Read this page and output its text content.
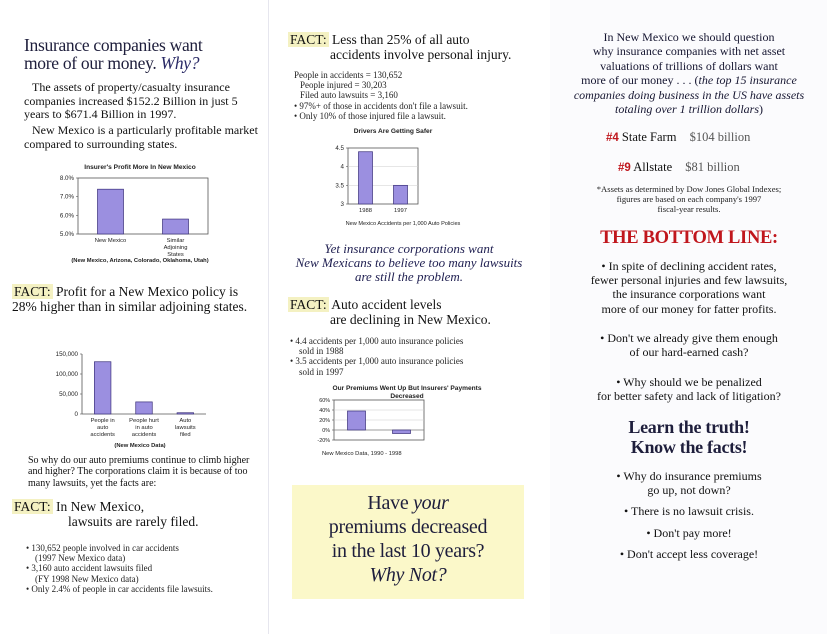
Insurance companies want
more of our money. Why?
The assets of property/casualty insurance companies increased $152.2 Billion in just 5 years to $671.4 Billion in 1997.
New Mexico is a particularly profitable market compared to surrounding states.
Insurer's Profit More In New Mexico
8.0%
7.0%
6.0%
5.0%
New Mexico	Similar
Adjoining
States
(New Mexico, Arizona, Colorado, Oklahoma, Utah)
FACT: Profit for a New Mexico policy is 28% higher than in similar adjoining states.
150,000
100,000
50,000
0
People in
auto
accidents
People hurt
in auto
accidents
Auto
lawsuits
filed
(New Mexico Data)
So why do our auto premiums continue to climb higher and higher? The corporations claim it is because of too many lawsuits, yet the facts are:
FACT: In New Mexico,
lawsuits are rarely filed.
• 130,652 people involved in car accidents
(1997 New Mexico data)
• 3,160 auto accident lawsuits filed
(FY 1998 New Mexico data)
• Only 2.4% of people in car accidents file lawsuits.
FACT: Less than 25% of all auto
accidents involve personal injury.
People in accidents = 130,652
People injured = 30,203
Filed auto lawsuits = 3,160
• 97%+ of those in accidents don't file a lawsuit.
• Only 10% of those injured file a lawsuit.
Drivers Are Getting Safer
4.5
4
3.5
3
1988	1997
New Mexico Accidents per 1,000 Auto Policies
Yet insurance corporations want
New Mexicans to believe too many lawsuits
are still the problem.
FACT: Auto accident levels
are declining in New Mexico.
• 4.4 accidents per 1,000 auto insurance policies
sold in 1988
• 3.5 accidents per 1,000 auto insurance policies
sold in 1997
Our Premiums Went Up But Insurers' Payments Decreased
60%
40%
20%
0%
-20%
New Mexico Data, 1990 - 1998
Have your
premiums decreased
in the last 10 years?
Why Not?
In New Mexico we should question
why insurance companies with net asset
valuations of trillions of dollars want
more of our money . . . (the top 15 insurance
companies doing business in the US have assets
totaling over 1 trillion dollars)
#4 State Farm $104 billion
#9 Allstate $81 billion
*Assets as determined by Dow Jones Global Indexes;
figures are based on each company's 1997
fiscal-year results.
THE BOTTOM LINE:
• In spite of declining accident rates,
fewer personal injuries and few lawsuits,
the insurance corporations want
more of our money for fatter profits.
• Don't we already give them enough
of our hard-earned cash?
• Why should we be penalized
for better safety and lack of litigation?
Learn the truth!
Know the facts!
• Why do insurance premiums
go up, not down?
• There is no lawsuit crisis.
• Don't pay more!
• Don't accept less coverage!
